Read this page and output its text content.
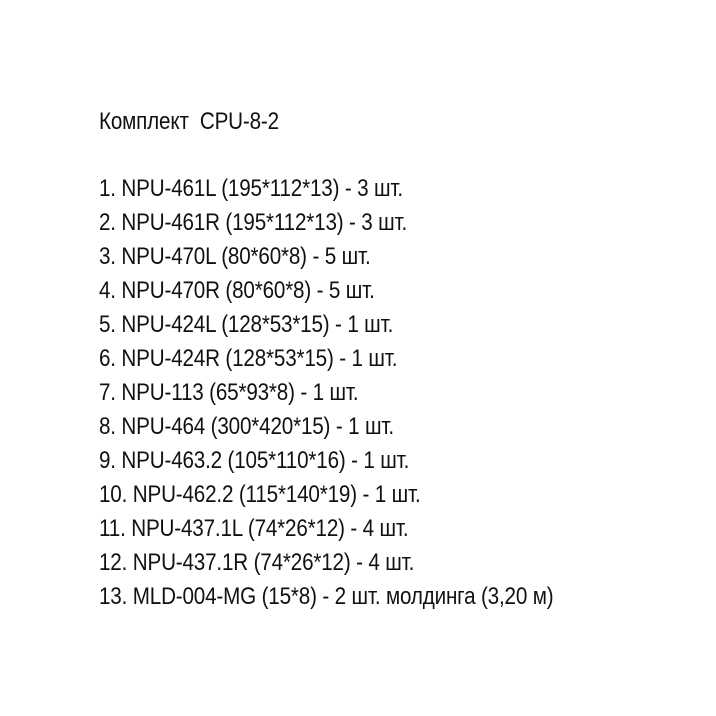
Комплект  CPU-8-2
1. NPU-461L (195*112*13) - 3 шт.
2. NPU-461R (195*112*13) - 3 шт.
3. NPU-470L (80*60*8) - 5 шт.
4. NPU-470R (80*60*8) - 5 шт.
5. NPU-424L (128*53*15) - 1 шт.
6. NPU-424R (128*53*15) - 1 шт.
7. NPU-113 (65*93*8) - 1 шт.
8. NPU-464 (300*420*15) - 1 шт.
9. NPU-463.2 (105*110*16) - 1 шт.
10. NPU-462.2 (115*140*19) - 1 шт.
11. NPU-437.1L (74*26*12) - 4 шт.
12. NPU-437.1R (74*26*12) - 4 шт.
13. MLD-004-MG (15*8) - 2 шт. молдинга (3,20 м)
